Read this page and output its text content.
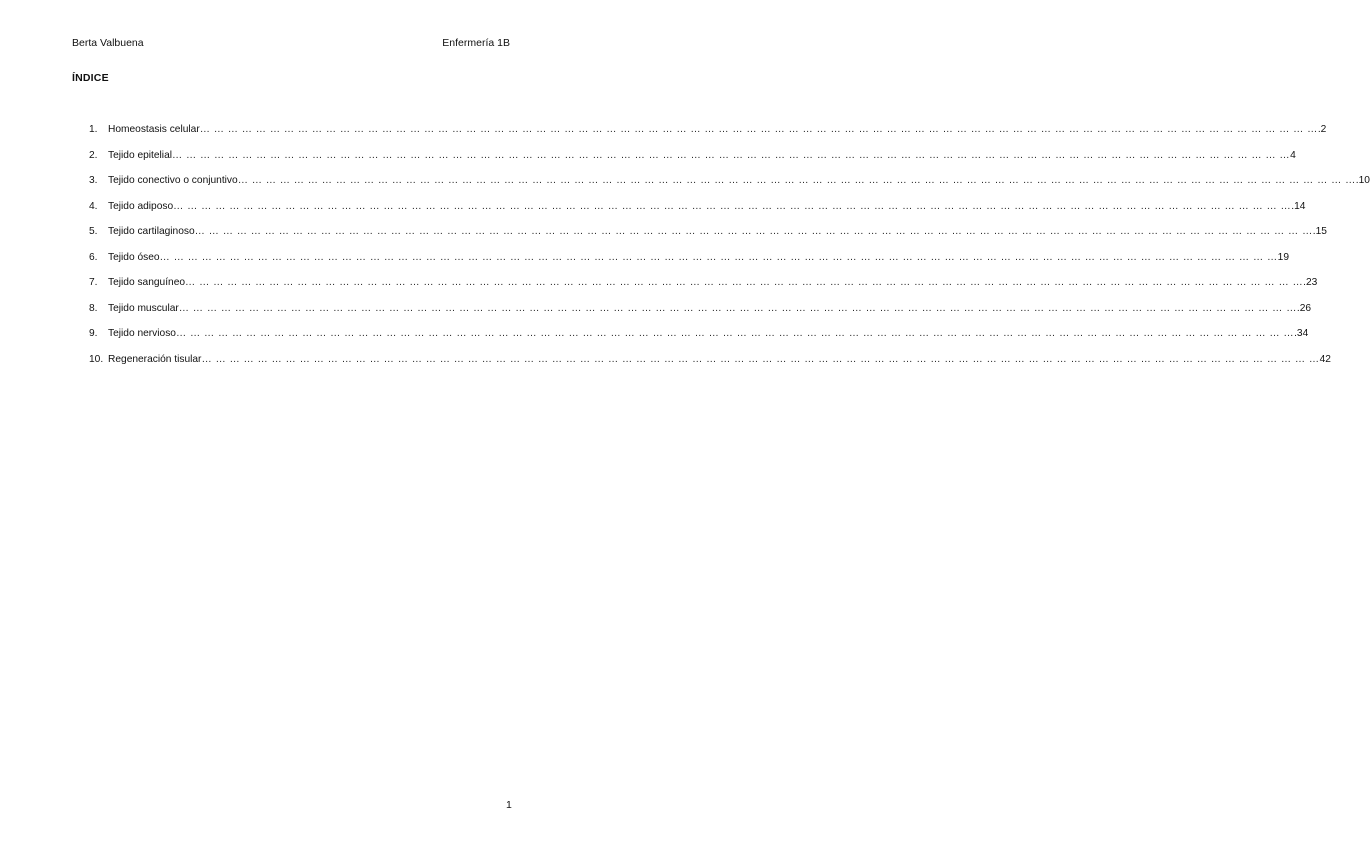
Berta Valbuena	Enfermería 1B
ÍNDICE
1.	Homeostasis celular … … … … … … … … … … … … … … … … … … … … … … … … … … … … … … … … … … … … … … … … … … … … … … … … … … … … … … … … … … … … … … … … … … … … … … … … … … … … … … … … .2
2.	Tejido epitelial … … … … … … … … … … … … … … … … … … … … … … … … … … … … … … … … … … … … … … … … … … … … … … … … … … … … … … … … … … … … … … … … … … … … … … … … … … … … … … … … 4
3.	Tejido conectivo o conjuntivo … … … … … … … … … … … … … … … … … … … … … … … … … … … … … … … … … … … … … … … … … … … … … … … … … … … … … … … … … … … … … … … … … … … … … … … … … … … … … … … … .10
4.	Tejido adiposo … … … … … … … … … … … … … … … … … … … … … … … … … … … … … … … … … … … … … … … … … … … … … … … … … … … … … … … … … … … … … … … … … … … … … … … … … … … … … … … … .14
5.	Tejido cartilaginoso … … … … … … … … … … … … … … … … … … … … … … … … … … … … … … … … … … … … … … … … … … … … … … … … … … … … … … … … … … … … … … … … … … … … … … … … … … … … … … … … .15
6.	Tejido óseo … … … … … … … … … … … … … … … … … … … … … … … … … … … … … … … … … … … … … … … … … … … … … … … … … … … … … … … … … … … … … … … … … … … … … … … … … … … … … … … … 19
7.	Tejido sanguíneo … … … … … … … … … … … … … … … … … … … … … … … … … … … … … … … … … … … … … … … … … … … … … … … … … … … … … … … … … … … … … … … … … … … … … … … … … … … … … … … … .23
8.	Tejido muscular … … … … … … … … … … … … … … … … … … … … … … … … … … … … … … … … … … … … … … … … … … … … … … … … … … … … … … … … … … … … … … … … … … … … … … … … … … … … … … … … .26
9.	Tejido nervioso … … … … … … … … … … … … … … … … … … … … … … … … … … … … … … … … … … … … … … … … … … … … … … … … … … … … … … … … … … … … … … … … … … … … … … … … … … … … … … … … .34
10. Regeneración tisular … … … … … … … … … … … … … … … … … … … … … … … … … … … … … … … … … … … … … … … … … … … … … … … … … … … … … … … … … … … … … … … … … … … … … … … … … … … … … … … … 42
1
